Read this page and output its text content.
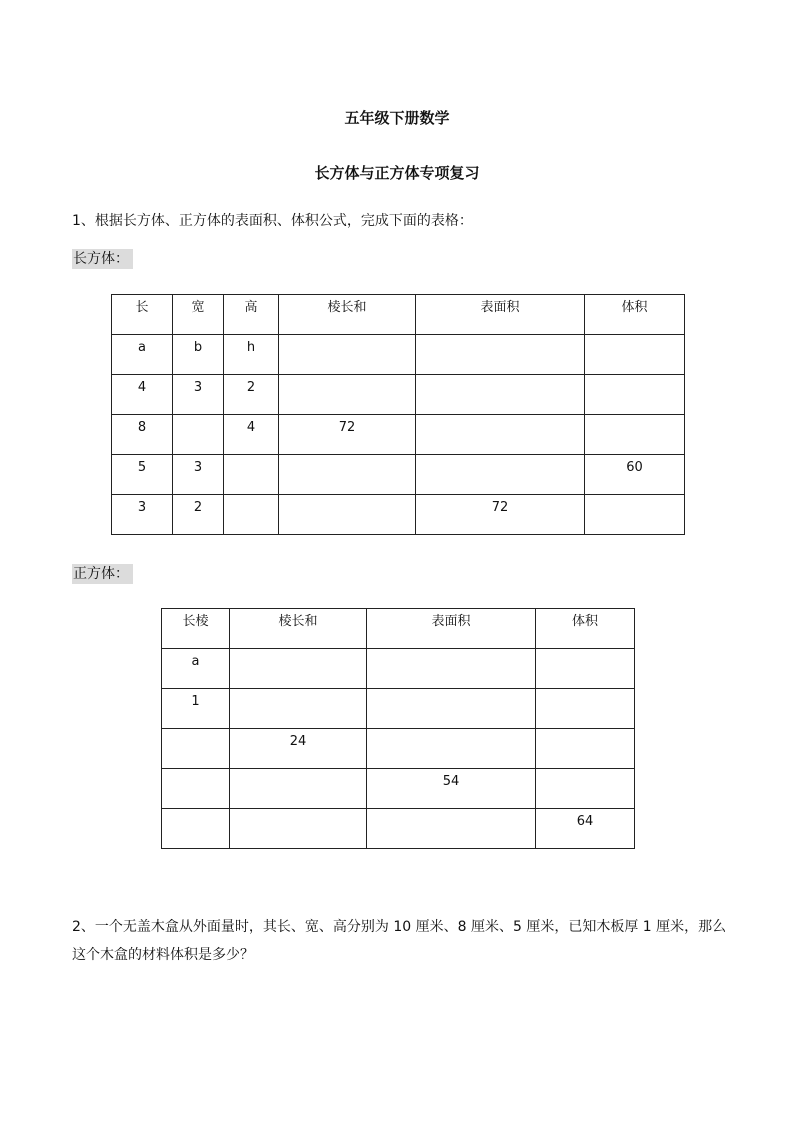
五年级下册数学
长方体与正方体专项复习

1、根据长方体、正方体的表面积、体积公式，完成下面的表格：

长方体：
长	宽	高	棱长和	表面积	体积
a	b	h			
4	3	2			
8		4	72		
5	3				60
3	2			72	
正方体：
长棱	棱长和	表面积	体积
a			
1			
	24		
		54	
			64

2、一个无盖木盒从外面量时，其长、宽、高分别为 10 厘米、8 厘米、5 厘米，已知木板厚 1 厘米，那么这个木盒的材料体积是多少？
